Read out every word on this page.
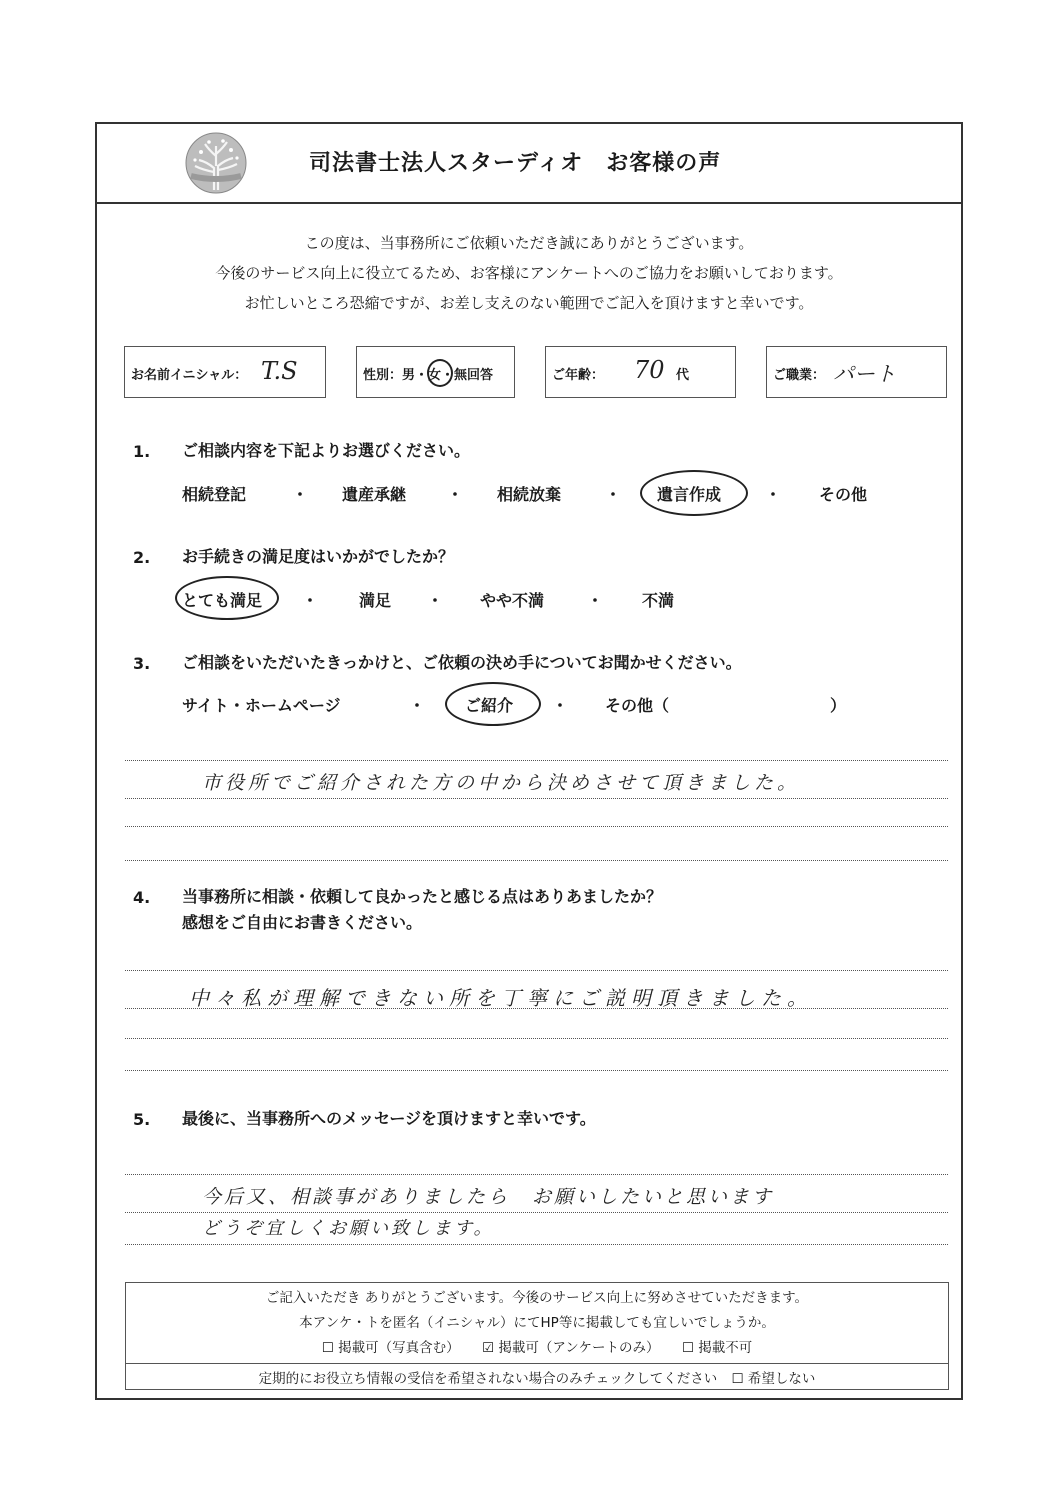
司法書士法人スターディオ　お客様の声
この度は、当事務所にご依頼いただき誠にありがとうございます。
今後のサービス向上に役立てるため、お客様にアンケートへのご協力をお願いしております。
お忙しいところ恐縮ですが、お差し支えのない範囲でご記入を頂けますと幸いです。
お名前イニシャル： T.S	性別：男・女・無回答	ご年齢： 70 代	ご職業： パート
1. ご相談内容を下記よりお選びください。
相続登記	・ 遺産承継	・ 相続放棄	・ 遺言作成	・ その他
2. お手続きの満足度はいかがでしたか？
とても満足 ・	満足 ・ やや不満	・ 不満
3. ご相談をいただいたきっかけと、ご依頼の決め手についてお聞かせください。
サイト・ホームページ	・ ご紹介 ・ その他（	）
市役所でご紹介された方の中から決めさせて頂きました。
4. 当事務所に相談・依頼して良かったと感じる点はありあましたか？
感想をご自由にお書きください。
中々私が理解できない所を丁寧にご説明頂きました。
5. 最後に、当事務所へのメッセージを頂けますと幸いです。
今后又、相談事がありましたら　お願いしたいと思います
どうぞ宜しくお願い致します。
ご記入いただき ありがとうございます。今後のサービス向上に努めさせていただきます。
本アンケ・トを匿名（イニシャル）にてHP等に掲載しても宜しいでしょうか。
☐ 掲載可（写真含む） ☑ 掲載可（アンケートのみ） ☐ 掲載不可
定期的にお役立ち情報の受信を希望されない場合のみチェックしてください ☐ 希望しない
